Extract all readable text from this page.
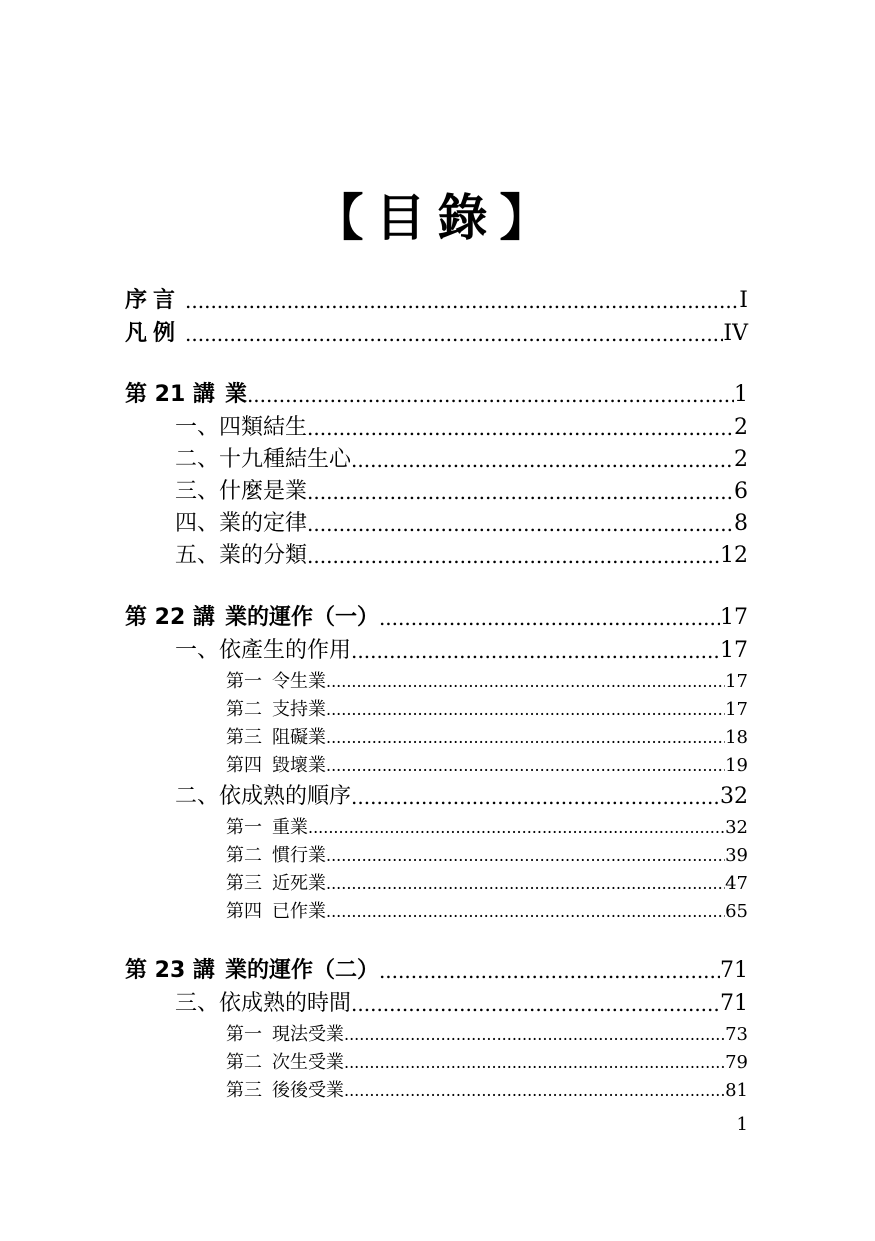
【目錄】
序言 .....	I
凡例 .....	IV
第 21 講 業 .....	1
一、四類結生 .....	2
二、十九種結生心 .....	2
三、什麼是業 .....	6
四、業的定律 .....	8
五、業的分類 .....	12
第 22 講 業的運作（一） .....	17
一、依產生的作用 .....	17
第一 令生業 .....	17
第二 支持業 .....	17
第三 阻礙業 .....	18
第四 毀壞業 .....	19
二、依成熟的順序 .....	32
第一 重業 .....	32
第二 慣行業 .....	39
第三 近死業 .....	47
第四 已作業 .....	65
第 23 講 業的運作（二） .....	71
三、依成熟的時間 .....	71
第一 現法受業 .....	73
第二 次生受業 .....	79
第三 後後受業 .....	81
1
